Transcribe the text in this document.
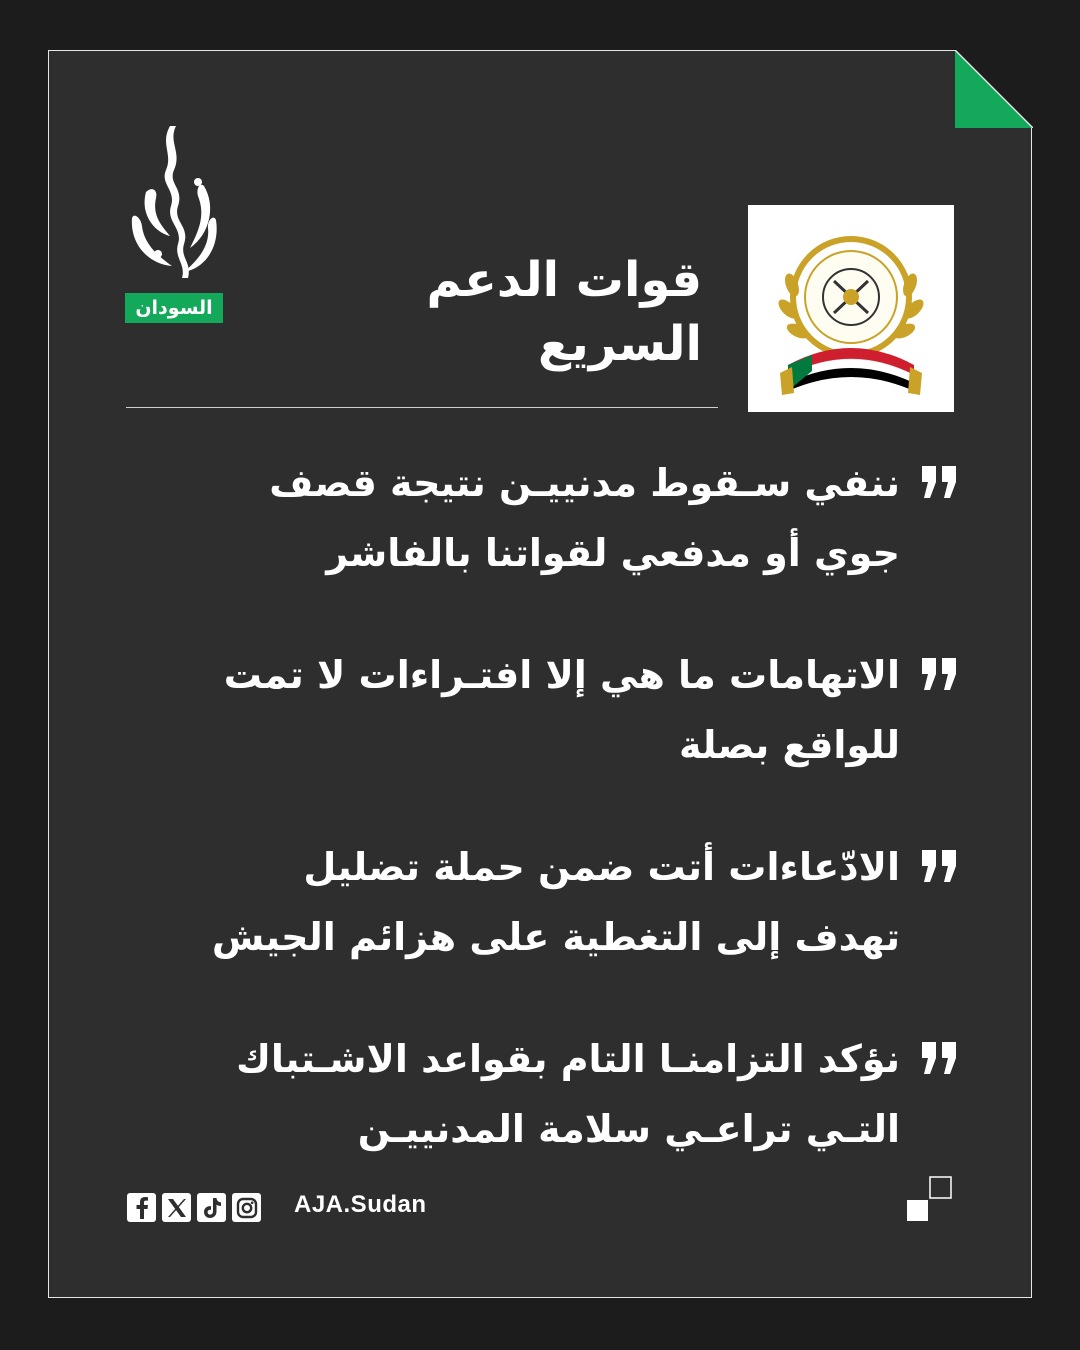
السودان	قوات الدعم
السريع
ننفي سـقوط مدنييـن نتيجة قصف
جوي أو مدفعي لقواتنا بالفاشر
الاتهامات ما هي إلا افتـراءات لا تمت
للواقع بصلة
الادّعاءات أتت ضمن حملة تضليل
تهدف إلى التغطية على هزائم الجيش
نؤكد التزامنـا التام بقواعد الاشـتباك
التـي تراعـي سلامة المدنييـن
AJA.Sudan
